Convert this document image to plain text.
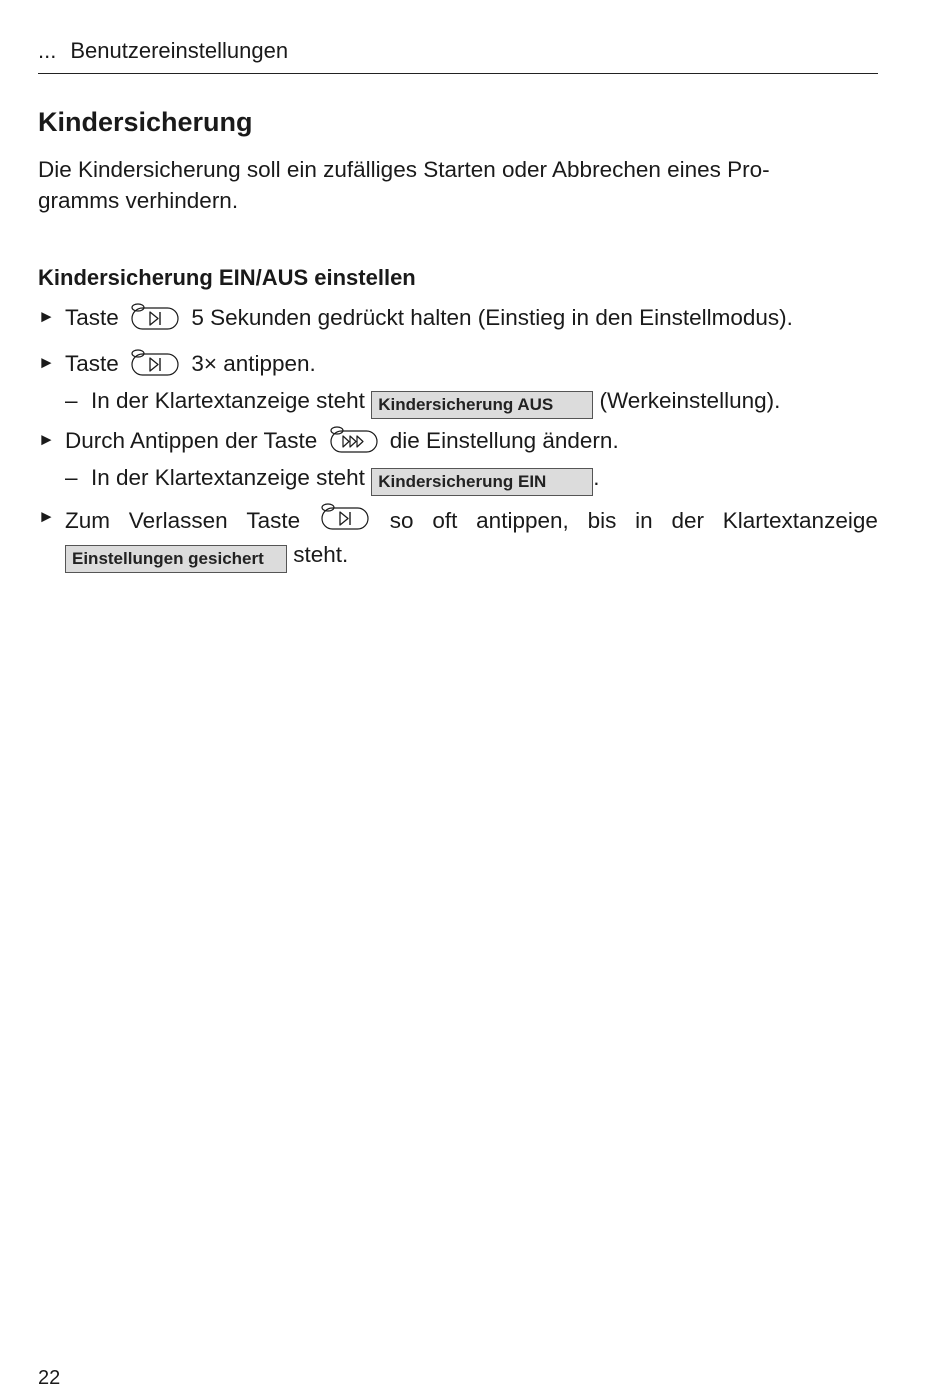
... Benutzereinstellungen
Kindersicherung

Die Kindersicherung soll ein zufälliges Starten oder Abbrechen eines Pro-
gramms verhindern.

Kindersicherung EIN/AUS einstellen
► Taste	5 Sekunden gedrückt halten (Einstieg in den Einstellmodus).
► Taste	3× antippen.
– In der Klartextanzeige steht Kindersicherung AUS (Werkeinstellung).
► Durch Antippen der Taste	die Einstellung ändern.
– In der Klartextanzeige steht Kindersicherung EIN .
► Zum Verlassen Taste	so oft antippen, bis in der Klartextanzeige
Einstellungen gesichert steht.
22
